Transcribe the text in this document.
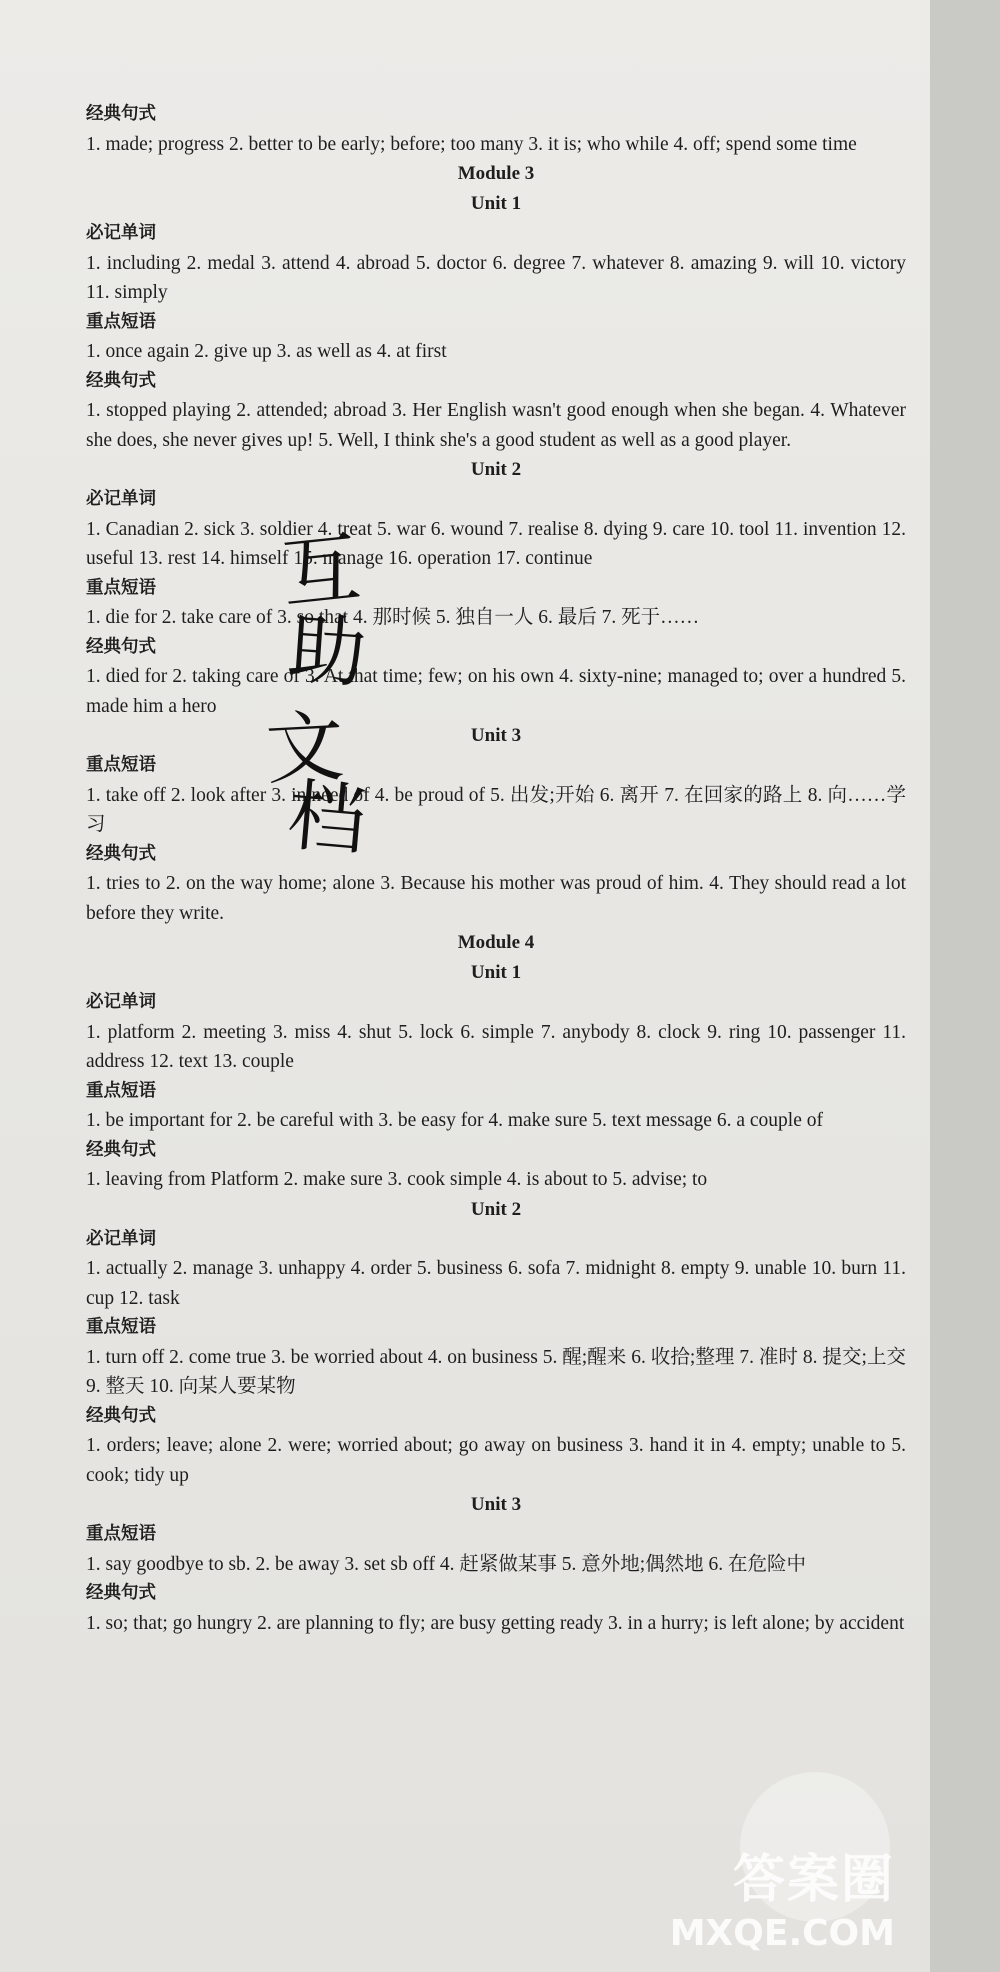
经典句式
1. made; progress 2. better to be early; before; too many 3. it is; who while 4. off; spend some time
Module 3
Unit 1
必记单词
1. including 2. medal 3. attend 4. abroad 5. doctor 6. degree 7. whatever 8. amazing 9. will 10. victory 11. simply
重点短语
1. once again 2. give up 3. as well as 4. at first
经典句式
1. stopped playing 2. attended; abroad 3. Her English wasn't good enough when she began. 4. Whatever she does, she never gives up! 5. Well, I think she's a good student as well as a good player.
Unit 2
必记单词
1. Canadian 2. sick 3. soldier 4. treat 5. war 6. wound 7. realise 8. dying 9. care 10. tool 11. invention 12. useful 13. rest 14. himself 15. manage 16. operation 17. continue
重点短语
1. die for 2. take care of 3. so that 4. 那时候 5. 独自一人 6. 最后 7. 死于……
经典句式
1. died for 2. taking care of 3. At that time; few; on his own 4. sixty-nine; managed to; over a hundred 5. made him a hero
Unit 3
重点短语
1. take off 2. look after 3. in need of 4. be proud of 5. 出发;开始 6. 离开 7. 在回家的路上 8. 向……学习
经典句式
1. tries to 2. on the way home; alone 3. Because his mother was proud of him. 4. They should read a lot before they write.
Module 4
Unit 1
必记单词
1. platform 2. meeting 3. miss 4. shut 5. lock 6. simple 7. anybody 8. clock 9. ring 10. passenger 11. address 12. text 13. couple
重点短语
1. be important for 2. be careful with 3. be easy for 4. make sure 5. text message 6. a couple of
经典句式
1. leaving from Platform 2. make sure 3. cook simple 4. is about to 5. advise; to
Unit 2
必记单词
1. actually 2. manage 3. unhappy 4. order 5. business 6. sofa 7. midnight 8. empty 9. unable 10. burn 11. cup 12. task
重点短语
1. turn off 2. come true 3. be worried about 4. on business 5. 醒;醒来 6. 收拾;整理 7. 准时 8. 提交;上交 9. 整天 10. 向某人要某物
经典句式
1. orders; leave; alone 2. were; worried about; go away on business 3. hand it in 4. empty; unable to 5. cook; tidy up
Unit 3
重点短语
1. say goodbye to sb. 2. be away 3. set sb off 4. 赶紧做某事 5. 意外地;偶然地 6. 在危险中
经典句式
1. so; that; go hungry 2. are planning to fly; are busy getting ready 3. in a hurry; is left alone; by accident
互
助
文
档
答案圈
MXQE.COM
